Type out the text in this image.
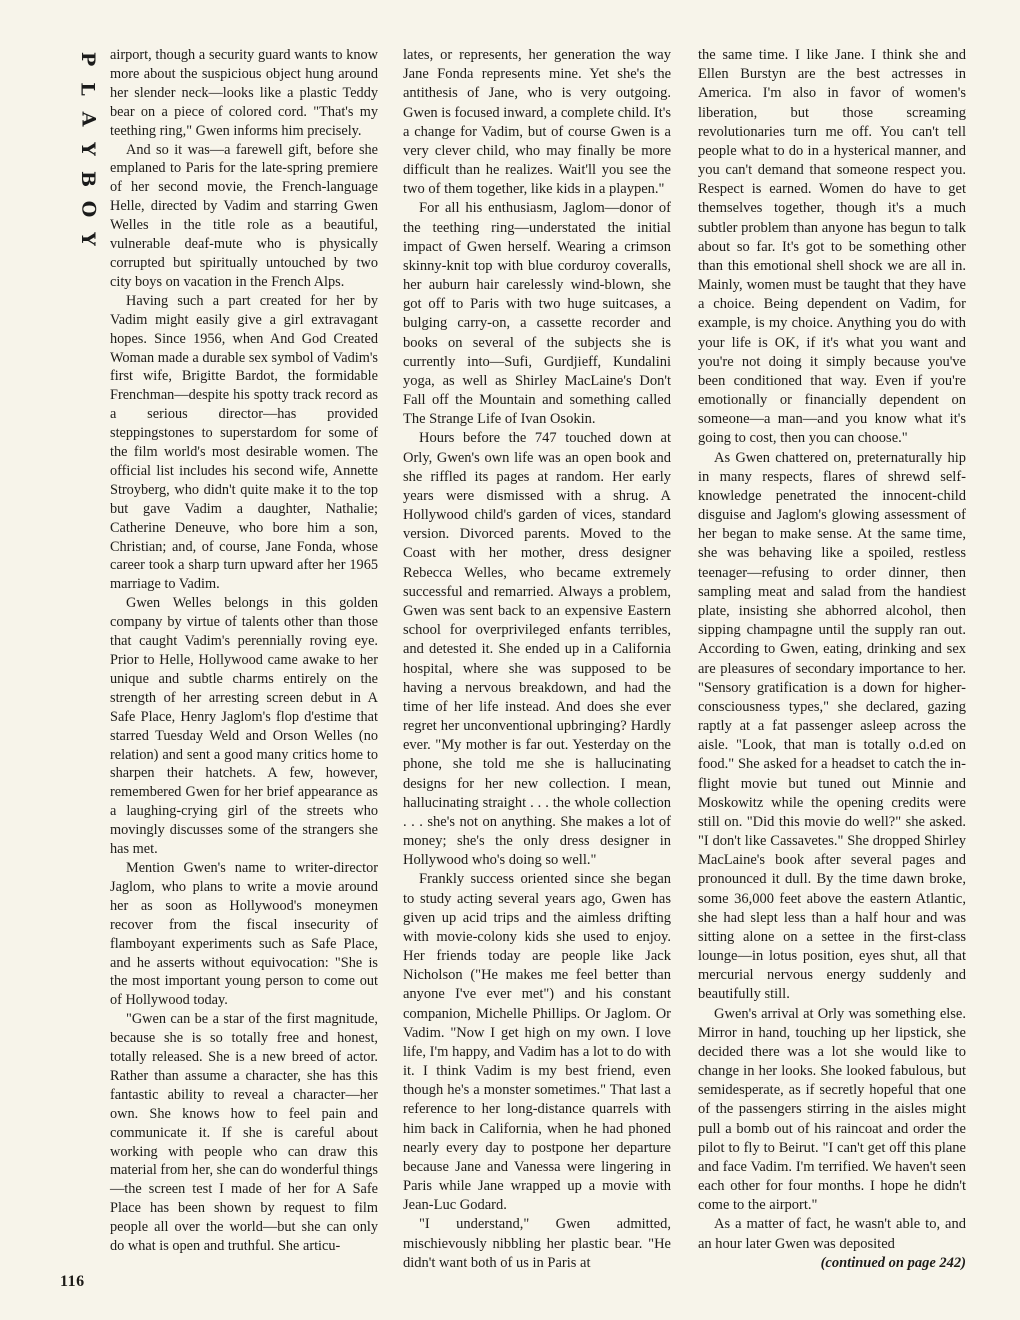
P
L
A
Y
B
O
Y

airport, though a security guard wants to know more about the suspicious object hung around her slender neck—looks like a plastic Teddy bear on a piece of colored cord. "That's my teething ring," Gwen informs him precisely.

And so it was—a farewell gift, before she emplaned to Paris for the late-spring premiere of her second movie, the French-language Helle, directed by Vadim and starring Gwen Welles in the title role as a beautiful, vulnerable deaf-mute who is physically corrupted but spiritually untouched by two city boys on vacation in the French Alps.

Having such a part created for her by Vadim might easily give a girl extravagant hopes. Since 1956, when And God Created Woman made a durable sex symbol of Vadim's first wife, Brigitte Bardot, the formidable Frenchman—despite his spotty track record as a serious director—has provided steppingstones to superstardom for some of the film world's most desirable women. The official list includes his second wife, Annette Stroyberg, who didn't quite make it to the top but gave Vadim a daughter, Nathalie; Catherine Deneuve, who bore him a son, Christian; and, of course, Jane Fonda, whose career took a sharp turn upward after her 1965 marriage to Vadim.

Gwen Welles belongs in this golden company by virtue of talents other than those that caught Vadim's perennially roving eye. Prior to Helle, Hollywood came awake to her unique and subtle charms entirely on the strength of her arresting screen debut in A Safe Place, Henry Jaglom's flop d'estime that starred Tuesday Weld and Orson Welles (no relation) and sent a good many critics home to sharpen their hatchets. A few, however, remembered Gwen for her brief appearance as a laughing-crying girl of the streets who movingly discusses some of the strangers she has met.

Mention Gwen's name to writer-director Jaglom, who plans to write a movie around her as soon as Hollywood's moneymen recover from the fiscal insecurity of flamboyant experiments such as Safe Place, and he asserts without equivocation: "She is the most important young person to come out of Hollywood today.

"Gwen can be a star of the first magnitude, because she is so totally free and honest, totally released. She is a new breed of actor. Rather than assume a character, she has this fantastic ability to reveal a character—her own. She knows how to feel pain and communicate it. If she is careful about working with people who can draw this material from her, she can do wonderful things—the screen test I made of her for A Safe Place has been shown by request to film people all over the world—but she can only do what is open and truthful. She articu-

lates, or represents, her generation the way Jane Fonda represents mine. Yet she's the antithesis of Jane, who is very outgoing. Gwen is focused inward, a complete child. It's a change for Vadim, but of course Gwen is a very clever child, who may finally be more difficult than he realizes. Wait'll you see the two of them together, like kids in a playpen."

For all his enthusiasm, Jaglom—donor of the teething ring—understated the initial impact of Gwen herself. Wearing a crimson skinny-knit top with blue corduroy coveralls, her auburn hair carelessly wind-blown, she got off to Paris with two huge suitcases, a bulging carry-on, a cassette recorder and books on several of the subjects she is currently into—Sufi, Gurdjieff, Kundalini yoga, as well as Shirley MacLaine's Don't Fall off the Mountain and something called The Strange Life of Ivan Osokin.

Hours before the 747 touched down at Orly, Gwen's own life was an open book and she riffled its pages at random. Her early years were dismissed with a shrug. A Hollywood child's garden of vices, standard version. Divorced parents. Moved to the Coast with her mother, dress designer Rebecca Welles, who became extremely successful and remarried. Always a problem, Gwen was sent back to an expensive Eastern school for overprivileged enfants terribles, and detested it. She ended up in a California hospital, where she was supposed to be having a nervous breakdown, and had the time of her life instead. And does she ever regret her unconventional upbringing? Hardly ever. "My mother is far out. Yesterday on the phone, she told me she is hallucinating designs for her new collection. I mean, hallucinating straight . . . the whole collection . . . she's not on anything. She makes a lot of money; she's the only dress designer in Hollywood who's doing so well."

Frankly success oriented since she began to study acting several years ago, Gwen has given up acid trips and the aimless drifting with movie-colony kids she used to enjoy. Her friends today are people like Jack Nicholson ("He makes me feel better than anyone I've ever met") and his constant companion, Michelle Phillips. Or Jaglom. Or Vadim. "Now I get high on my own. I love life, I'm happy, and Vadim has a lot to do with it. I think Vadim is my best friend, even though he's a monster sometimes." That last a reference to her long-distance quarrels with him back in California, when he had phoned nearly every day to postpone her departure because Jane and Vanessa were lingering in Paris while Jane wrapped up a movie with Jean-Luc Godard.

"I understand," Gwen admitted, mischievously nibbling her plastic bear. "He didn't want both of us in Paris at

the same time. I like Jane. I think she and Ellen Burstyn are the best actresses in America. I'm also in favor of women's liberation, but those screaming revolutionaries turn me off. You can't tell people what to do in a hysterical manner, and you can't demand that someone respect you. Respect is earned. Women do have to get themselves together, though it's a much subtler problem than anyone has begun to talk about so far. It's got to be something other than this emotional shell shock we are all in. Mainly, women must be taught that they have a choice. Being dependent on Vadim, for example, is my choice. Anything you do with your life is OK, if it's what you want and you're not doing it simply because you've been conditioned that way. Even if you're emotionally or financially dependent on someone—a man—and you know what it's going to cost, then you can choose."

As Gwen chattered on, preternaturally hip in many respects, flares of shrewd self-knowledge penetrated the innocent-child disguise and Jaglom's glowing assessment of her began to make sense. At the same time, she was behaving like a spoiled, restless teenager—refusing to order dinner, then sampling meat and salad from the handiest plate, insisting she abhorred alcohol, then sipping champagne until the supply ran out. According to Gwen, eating, drinking and sex are pleasures of secondary importance to her. "Sensory gratification is a down for higher-consciousness types," she declared, gazing raptly at a fat passenger asleep across the aisle. "Look, that man is totally o.d.ed on food." She asked for a headset to catch the in-flight movie but tuned out Minnie and Moskowitz while the opening credits were still on. "Did this movie do well?" she asked. "I don't like Cassavetes." She dropped Shirley MacLaine's book after several pages and pronounced it dull. By the time dawn broke, some 36,000 feet above the eastern Atlantic, she had slept less than a half hour and was sitting alone on a settee in the first-class lounge—in lotus position, eyes shut, all that mercurial nervous energy suddenly and beautifully still.

Gwen's arrival at Orly was something else. Mirror in hand, touching up her lipstick, she decided there was a lot she would like to change in her looks. She looked fabulous, but semidesperate, as if secretly hopeful that one of the passengers stirring in the aisles might pull a bomb out of his raincoat and order the pilot to fly to Beirut. "I can't get off this plane and face Vadim. I'm terrified. We haven't seen each other for four months. I hope he didn't come to the airport."

As a matter of fact, he wasn't able to, and an hour later Gwen was deposited

(continued on page 242)

116
